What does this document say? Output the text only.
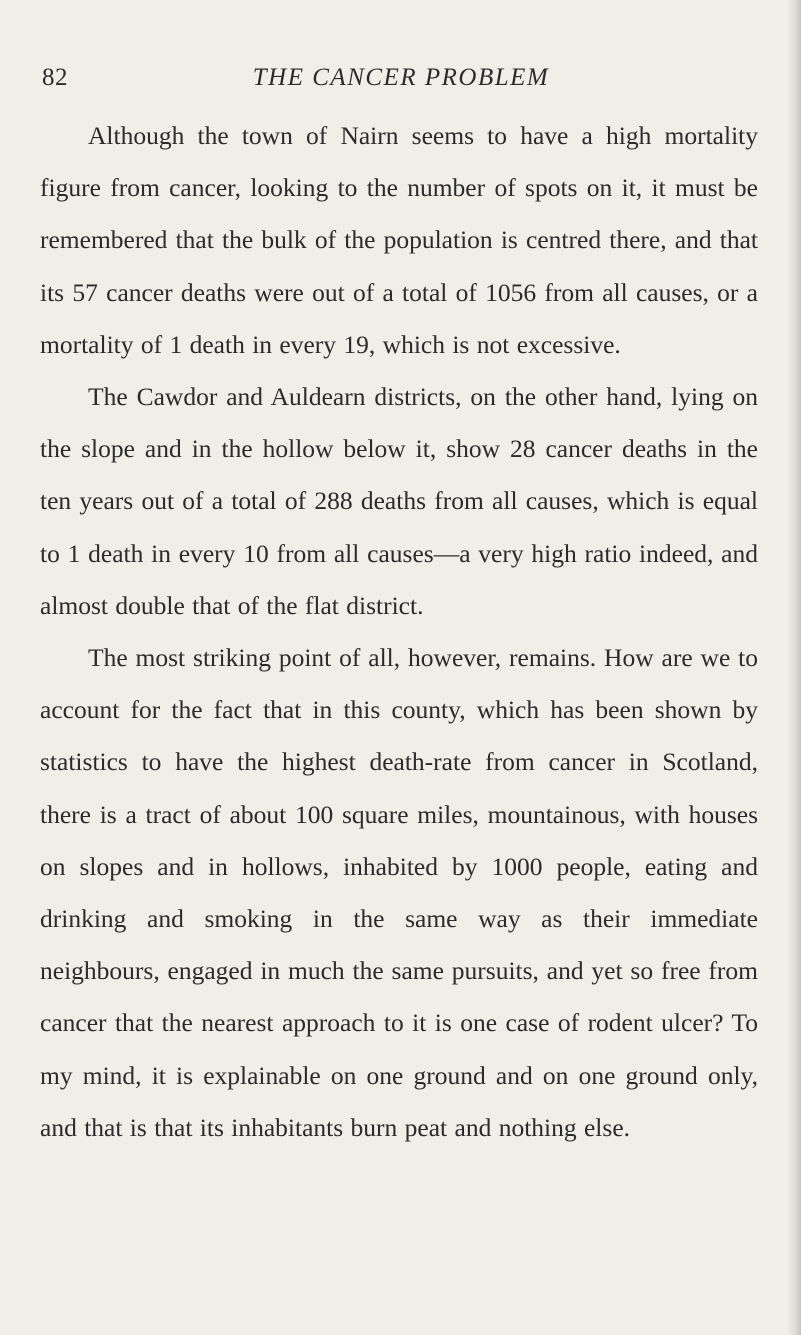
82	THE CANCER PROBLEM

Although the town of Nairn seems to have a high mortality figure from cancer, looking to the number of spots on it, it must be remembered that the bulk of the population is centred there, and that its 57 cancer deaths were out of a total of 1056 from all causes, or a mortality of 1 death in every 19, which is not excessive.

The Cawdor and Auldearn districts, on the other hand, lying on the slope and in the hollow below it, show 28 cancer deaths in the ten years out of a total of 288 deaths from all causes, which is equal to 1 death in every 10 from all causes—a very high ratio indeed, and almost double that of the flat district.

The most striking point of all, however, remains. How are we to account for the fact that in this county, which has been shown by statistics to have the highest death-rate from cancer in Scotland, there is a tract of about 100 square miles, mountainous, with houses on slopes and in hollows, inhabited by 1000 people, eating and drinking and smoking in the same way as their immediate neighbours, engaged in much the same pursuits, and yet so free from cancer that the nearest approach to it is one case of rodent ulcer? To my mind, it is explainable on one ground and on one ground only, and that is that its inhabitants burn peat and nothing else.
